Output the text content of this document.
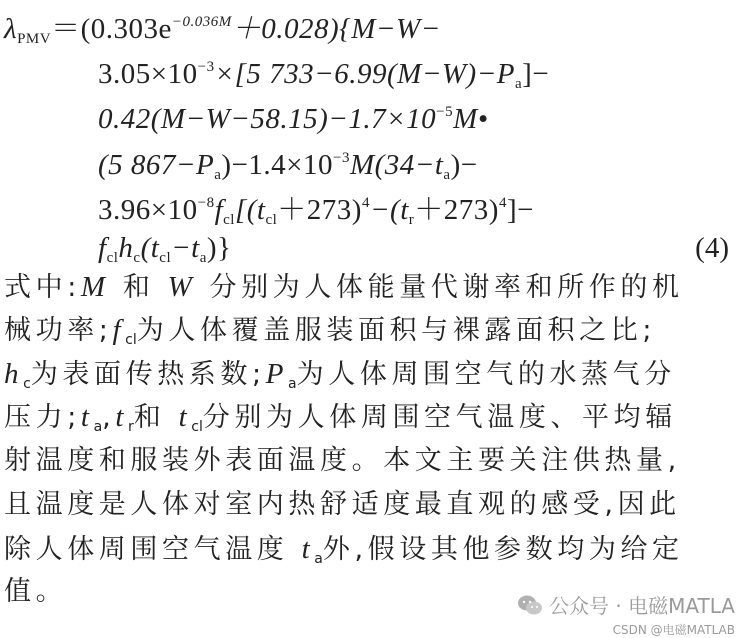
$\lambda_{PMV}=(0.303e^{-0.036M}+0.028)\{M-W-$
$3.05\times 10^{-3}\times[5$ $733-6.99(M-W)-P_a]-$
$0.42(M-W-58.15)-1.7\times 10^{-5}M•$
(5 $867-P_a)-1.4\times 10^{-3}M(34-t_a)-$
$3.96\times 10^{-8}f_{cl}[(t_{cl}+273)^4-(t_r+273)^4]-$
$f_{cl}h_c(t_{cl}-t_a)$}	(4)
式中:M 和 W 分别为人体能量代谢率和所作的机
械功率$;f_{cl}$为人体覆盖服装面积与裸露面积之比;
$h_c$为表面传热系数$;P_a$为人体周围空气的水蒸气分
压力$;t_a,t_r$和 $t_{cl}$分别为人体周围空气温度、平均辐
射温度和服装外表面温度。本文主要关注供热量,
且温度是人体对室内热舒适度最直观的感受,因此
除人体周围空气温度 $t_a$外,假设其他参数均为给定
值。	公众号 · 电磁MATLA
CSDN @电磁MATLAB
